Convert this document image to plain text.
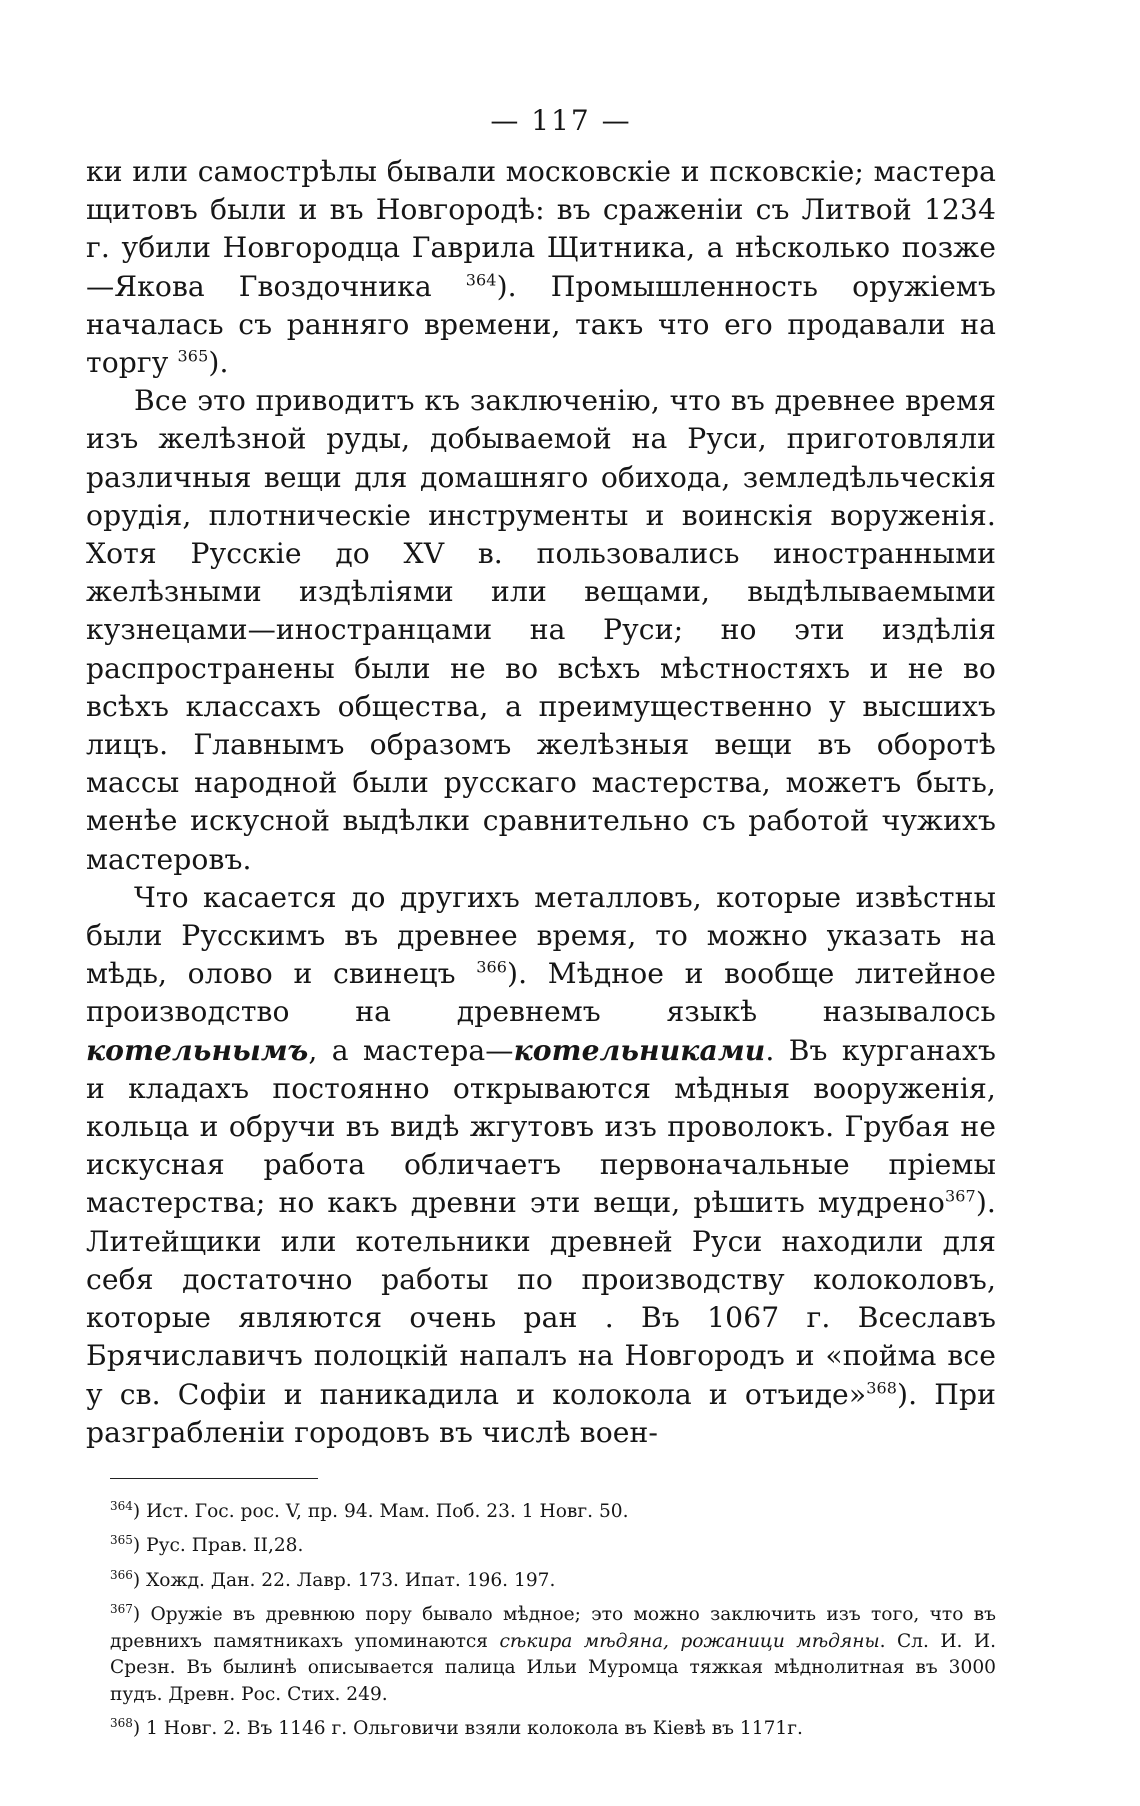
— 117 —

ки или самострѣлы бывали московскіе и псковскіе; мастера щитовъ были и въ Новгородѣ: въ сраженіи съ Литвой 1234 г. убили Новгородца Гаврила Щитника, а нѣсколько позже—Якова Гвоздочника $^{364}$). Промышленность оружіемъ началась съ ранняго времени, такъ что его продавали на торгу $^{365}$).

Все это приводитъ къ заключенію, что въ древнее время изъ желѣзной руды, добываемой на Руси, приготовляли различныя вещи для домашняго обихода, земледѣльческія орудія, плотническіе инструменты и воинскія воруженія. Хотя Русскіе до XV в. пользовались иностранными желѣзными издѣліями или вещами, выдѣлываемыми кузнецами—иностранцами на Руси; но эти издѣлія распространены были не во всѣхъ мѣстностяхъ и не во всѣхъ классахъ общества, а преимущественно у высшихъ лицъ. Главнымъ образомъ желѣзныя вещи въ оборотѣ массы народной были русскаго мастерства, можетъ быть, менѣе искусной выдѣлки сравнительно съ работой чужихъ мастеровъ.

Что касается до другихъ металловъ, которые извѣстны были Русскимъ въ древнее время, то можно указать на мѣдь, олово и свинецъ $^{366}$). Мѣдное и вообще литейное производство на древнемъ языкѣ называлось котельнымъ, а мастера—котельниками. Въ курганахъ и кладахъ постоянно открываются мѣдныя вооруженія, кольца и обручи въ видѣ жгутовъ изъ проволокъ. Грубая не искусная работа обличаетъ первоначальные пріемы мастерства; но какъ древни эти вещи, рѣшить мудрено$^{367}$). Литейщики или котельники древней Руси находили для себя достаточно работы по производству колоколовъ, которые являются очень ран . Въ 1067 г. Всеславъ Брячиславичъ полоцкій напалъ на Новгородъ и «пойма все у св. Софіи и паникадила и колокола и отъиде»$^{368}$). При разграбленіи городовъ въ числѣ воен-

$^{364}$) Ист. Гос. рос. V, пр. 94. Мам. Поб. 23. 1 Новг. 50.

$^{365}$) Рус. Прав. II,28.

$^{366}$) Хожд. Дан. 22. Лавр. 173. Ипат. 196. 197.

$^{367}$) Оружіе въ древнюю пору бывало мѣдное; это можно заключить изъ того, что въ древнихъ памятникахъ упоминаются сѣкира мѣдяна, рожаници мѣдяны. Сл. И. И. Срезн. Въ былинѣ описывается палица Ильи Муромца тяжкая мѣднолитная въ 3000 пудъ. Древн. Рос. Стих. 249.

$^{368}$) 1 Новг. 2. Въ 1146 г. Ольговичи взяли колокола въ Кіевѣ въ 1171г.
